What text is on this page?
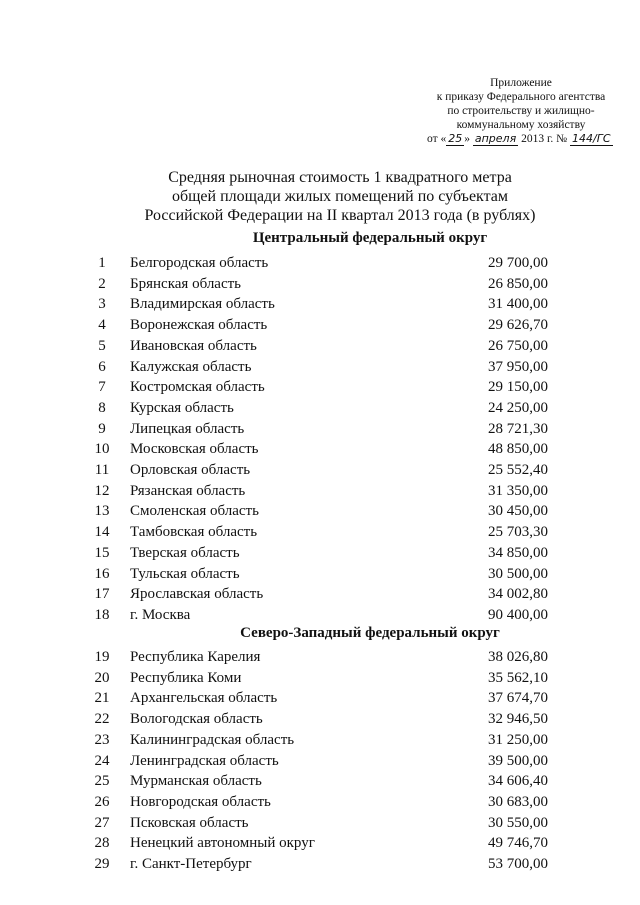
Приложение
к приказу Федерального агентства
по строительству и жилищно-
коммунальному хозяйству
от « 25 » апреля 2013 г. № 144/ГС
Средняя рыночная стоимость 1 квадратного метра
общей площади жилых помещений по субъектам
Российской Федерации на II квартал 2013 года (в рублях)
Центральный федеральный округ
1	Белгородская область	29 700,00
2	Брянская область	26 850,00
3	Владимирская область	31 400,00
4	Воронежская область	29 626,70
5	Ивановская область	26 750,00
6	Калужская область	37 950,00
7	Костромская область	29 150,00
8	Курская область	24 250,00
9	Липецкая область	28 721,30
10	Московская область	48 850,00
11	Орловская область	25 552,40
12	Рязанская область	31 350,00
13	Смоленская область	30 450,00
14	Тамбовская область	25 703,30
15	Тверская область	34 850,00
16	Тульская область	30 500,00
17	Ярославская область	34 002,80
18	г. Москва	90 400,00
Северо-Западный федеральный округ
19	Республика Карелия	38 026,80
20	Республика Коми	35 562,10
21	Архангельская область	37 674,70
22	Вологодская область	32 946,50
23	Калининградская область	31 250,00
24	Ленинградская область	39 500,00
25	Мурманская область	34 606,40
26	Новгородская область	30 683,00
27	Псковская область	30 550,00
28	Ненецкий автономный округ	49 746,70
29	г. Санкт-Петербург	53 700,00
